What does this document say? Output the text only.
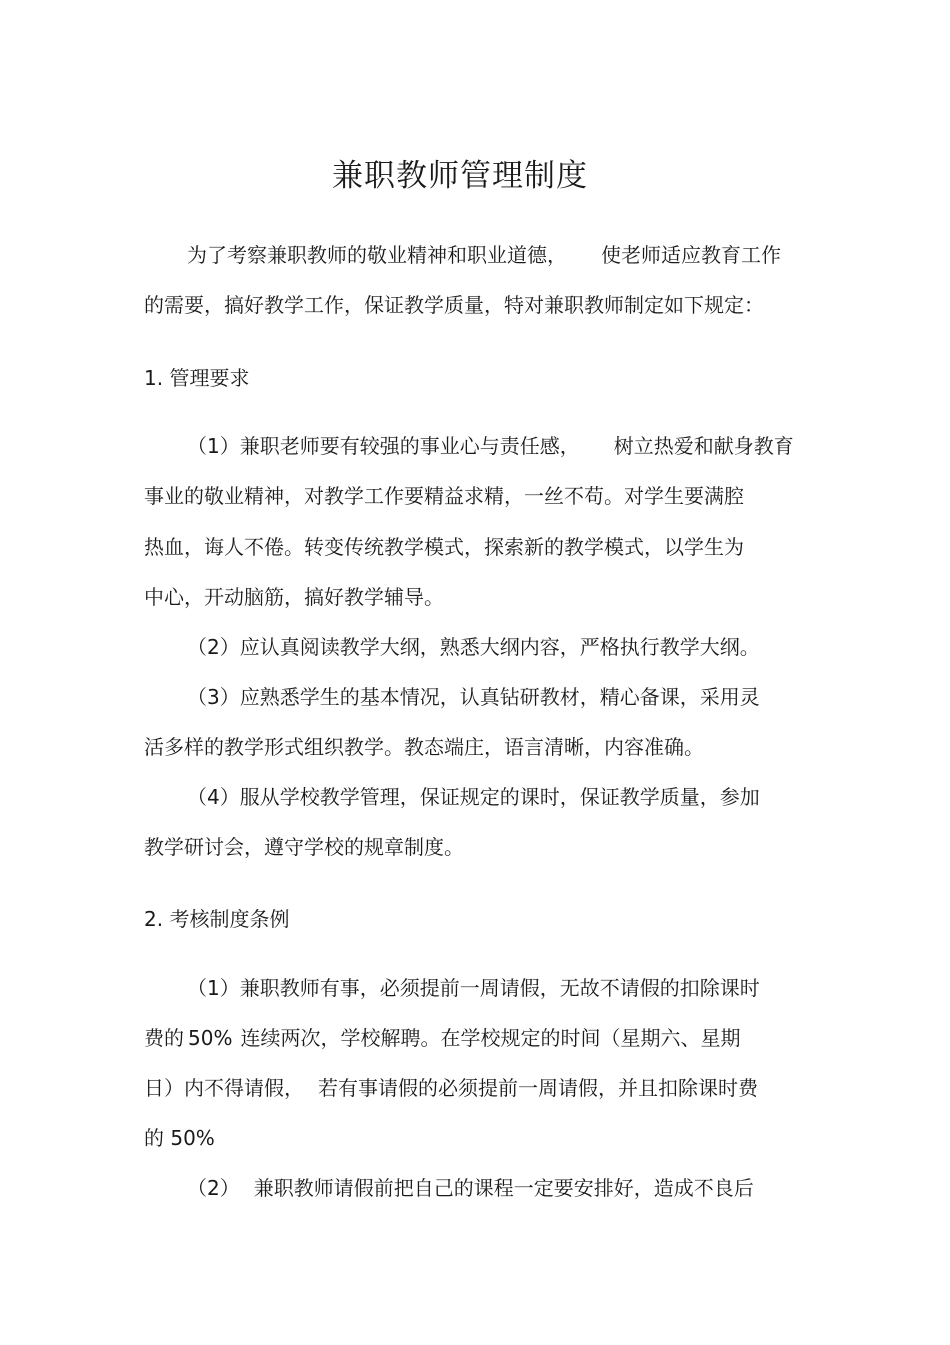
兼职教师管理制度
为了考察兼职教师的敬业精神和职业道德， 使老师适应教育工作
的需要，搞好教学工作，保证教学质量，特对兼职教师制定如下规定：
1. 管理要求
（1）兼职老师要有较强的事业心与责任感， 树立热爱和献身教育
事业的敬业精神，对教学工作要精益求精，一丝不苟。对学生要满腔
热血，诲人不倦。转变传统教学模式，探索新的教学模式，以学生为
中心，开动脑筋，搞好教学辅导。
（2）应认真阅读教学大纲，熟悉大纲内容，严格执行教学大纲。
（3）应熟悉学生的基本情况，认真钻研教材，精心备课，采用灵
活多样的教学形式组织教学。教态端庄，语言清晰，内容准确。
（4）服从学校教学管理，保证规定的课时，保证教学质量，参加
教学研讨会，遵守学校的规章制度。
2. 考核制度条例
（1）兼职教师有事，必须提前一周请假，无故不请假的扣除课时
费的 50% 连续两次，学校解聘。在学校规定的时间（星期六、星期
日）内不得请假， 若有事请假的必须提前一周请假，并且扣除课时费
的 50%
（2） 兼职教师请假前把自己的课程一定要安排好，造成不良后
